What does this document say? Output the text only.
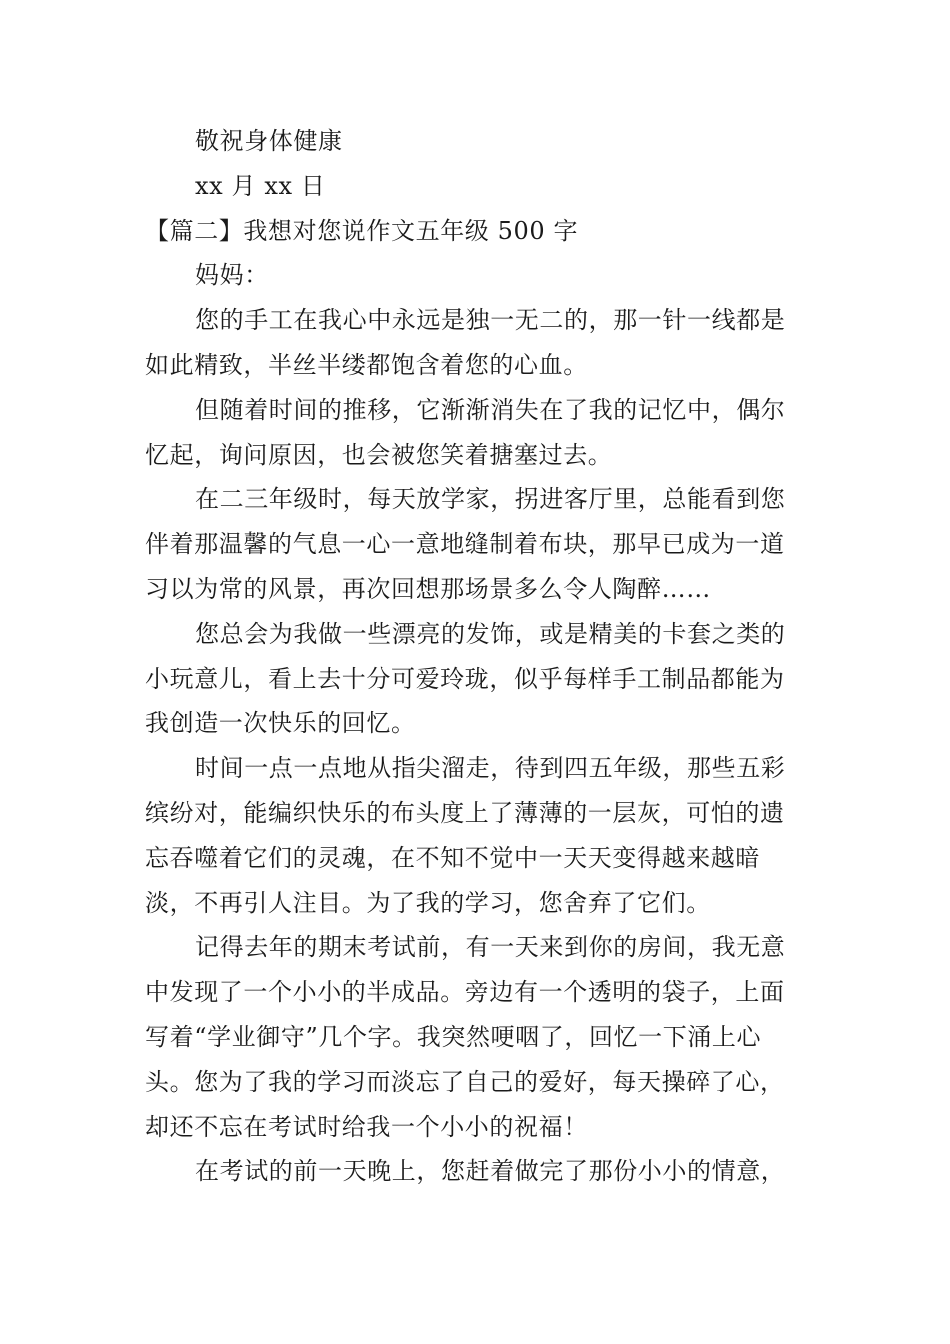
敬祝身体健康
xx 月 xx 日
【篇二】我想对您说作文五年级 500 字
妈妈：
您的手工在我心中永远是独一无二的，那一针一线都是
如此精致，半丝半缕都饱含着您的心血。
但随着时间的推移，它渐渐消失在了我的记忆中，偶尔
忆起，询问原因，也会被您笑着搪塞过去。
在二三年级时，每天放学家，拐进客厅里，总能看到您
伴着那温馨的气息一心一意地缝制着布块，那早已成为一道
习以为常的风景，再次回想那场景多么令人陶醉……
您总会为我做一些漂亮的发饰，或是精美的卡套之类的
小玩意儿，看上去十分可爱玲珑，似乎每样手工制品都能为
我创造一次快乐的回忆。
时间一点一点地从指尖溜走，待到四五年级，那些五彩
缤纷对，能编织快乐的布头度上了薄薄的一层灰，可怕的遗
忘吞噬着它们的灵魂，在不知不觉中一天天变得越来越暗
淡，不再引人注目。为了我的学习，您舍弃了它们。
记得去年的期末考试前，有一天来到你的房间，我无意
中发现了一个小小的半成品。旁边有一个透明的袋子，上面
写着“学业御守”几个字。我突然哽咽了，回忆一下涌上心
头。您为了我的学习而淡忘了自己的爱好，每天操碎了心，
却还不忘在考试时给我一个小小的祝福！
在考试的前一天晚上，您赶着做完了那份小小的情意，
